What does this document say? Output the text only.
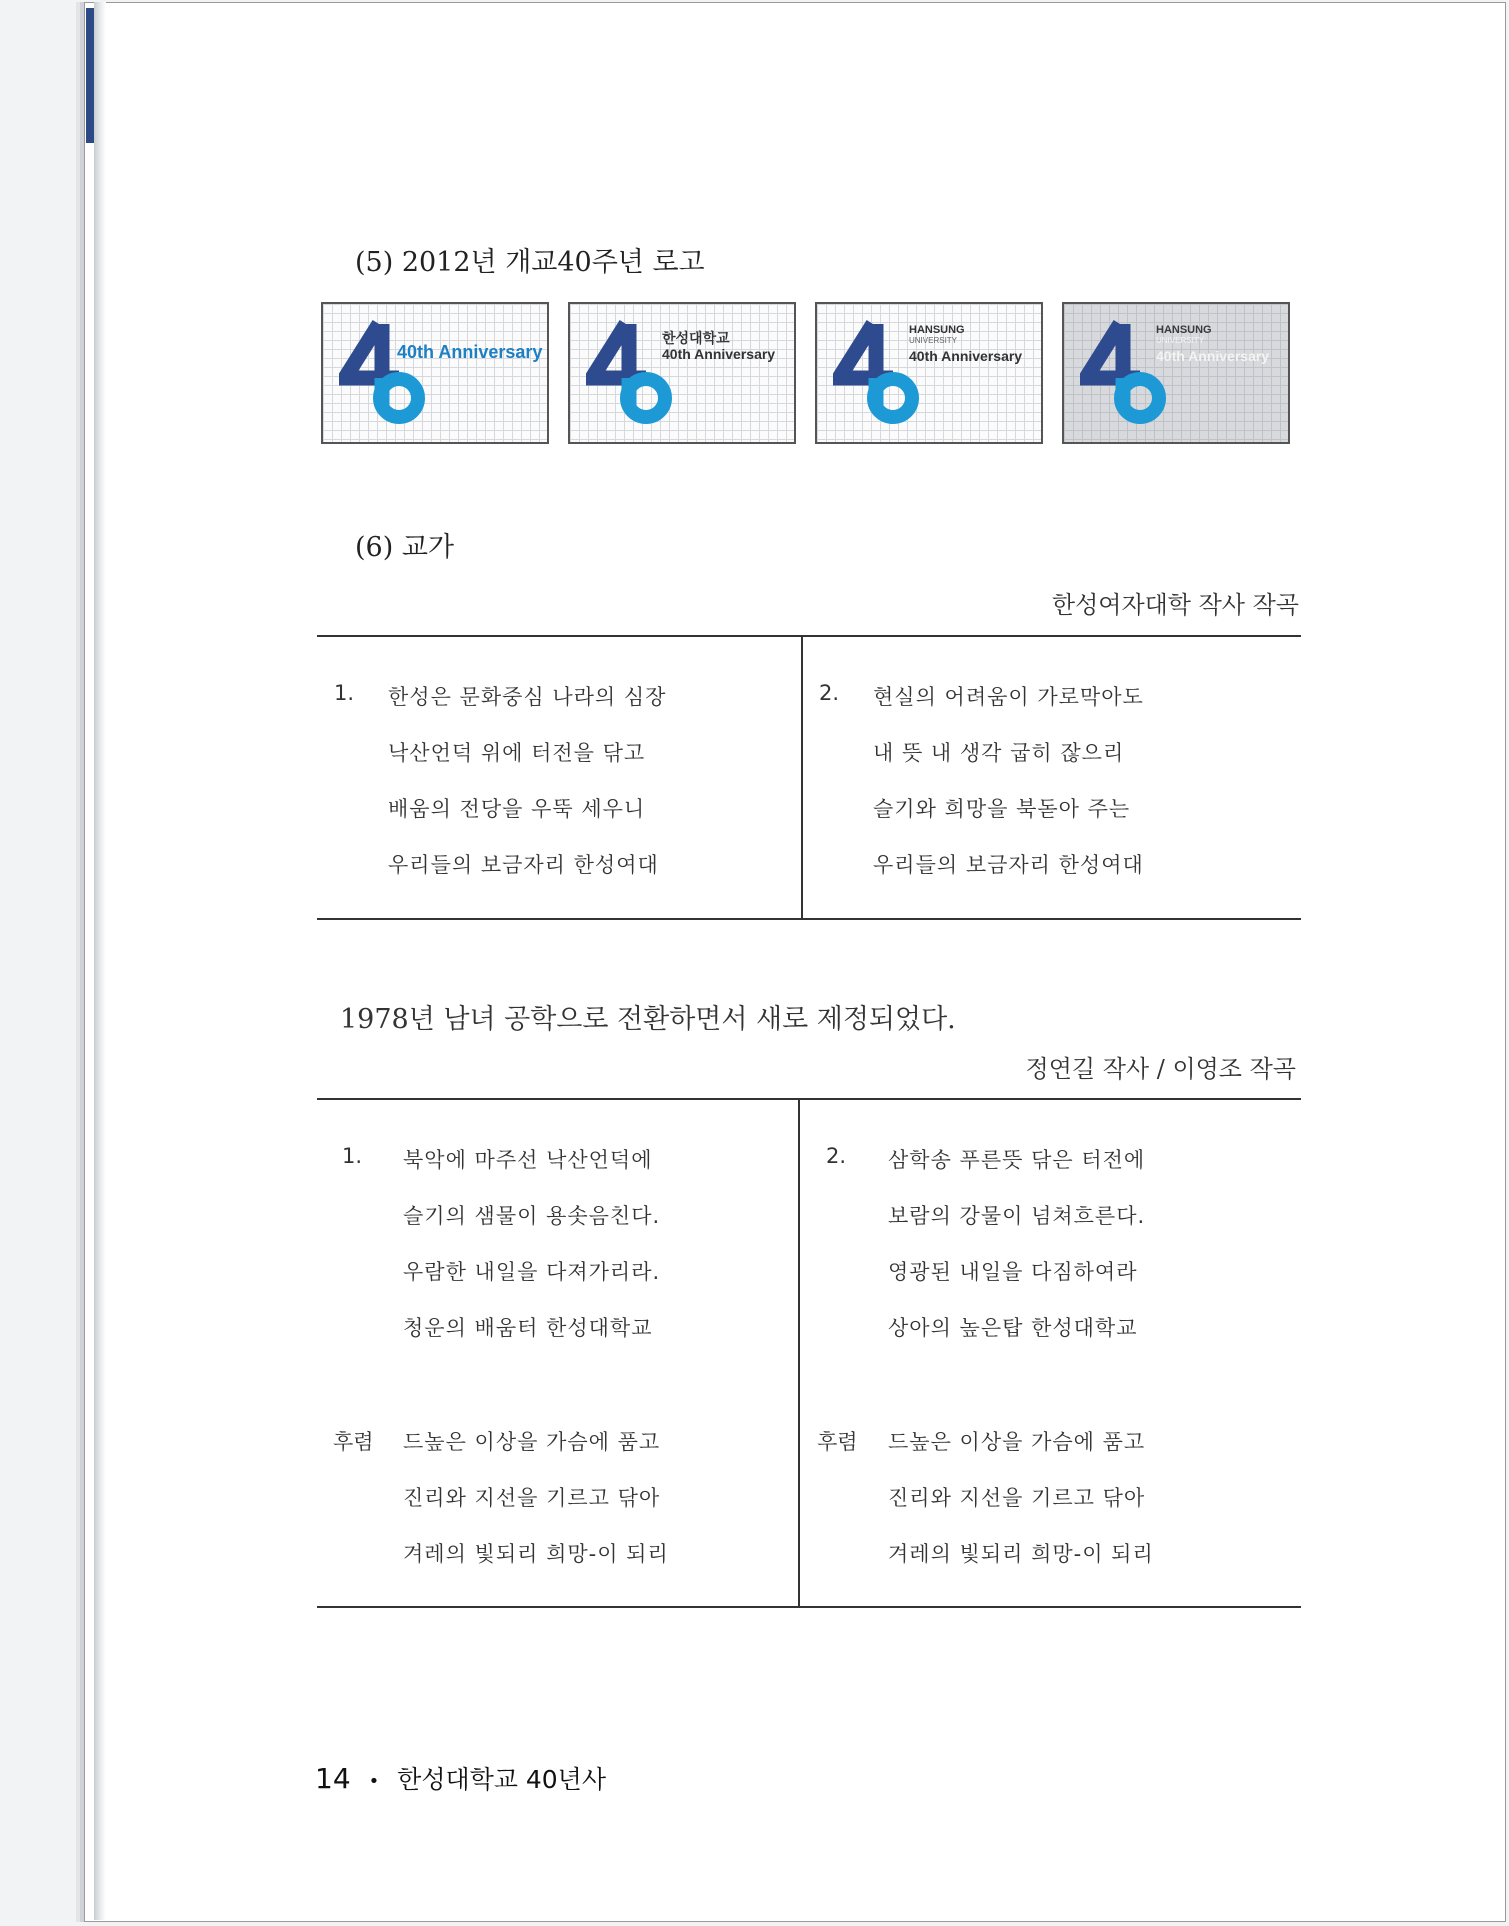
(5) 2012년 개교40주년 로고
40th Anniversary
한성대학교
40th Anniversary
HANSUNG
UNIVERSITY
40th Anniversary
HANSUNG
UNIVERSITY
40th Anniversary
(6) 교가
한성여자대학 작사 작곡
1. 한성은 문화중심 나라의 심장
낙산언덕 위에 터전을 닦고
배움의 전당을 우뚝 세우니
우리들의 보금자리 한성여대
2. 현실의 어려움이 가로막아도
내 뜻 내 생각 굽히 잖으리
슬기와 희망을 북돋아 주는
우리들의 보금자리 한성여대
1978년 남녀 공학으로 전환하면서 새로 제정되었다.
정연길 작사 / 이영조 작곡
1. 북악에 마주선 낙산언덕에
슬기의 샘물이 용솟음친다.
우람한 내일을 다져가리라.
청운의 배움터 한성대학교
2. 삼학송 푸른뜻 닦은 터전에
보람의 강물이 넘쳐흐른다.
영광된 내일을 다짐하여라
상아의 높은탑 한성대학교
후렴 드높은 이상을 가슴에 품고
진리와 지선을 기르고 닦아
겨레의 빛되리 희망-이 되리
후렴 드높은 이상을 가슴에 품고
진리와 지선을 기르고 닦아
겨레의 빛되리 희망-이 되리
14 • 한성대학교 40년사
